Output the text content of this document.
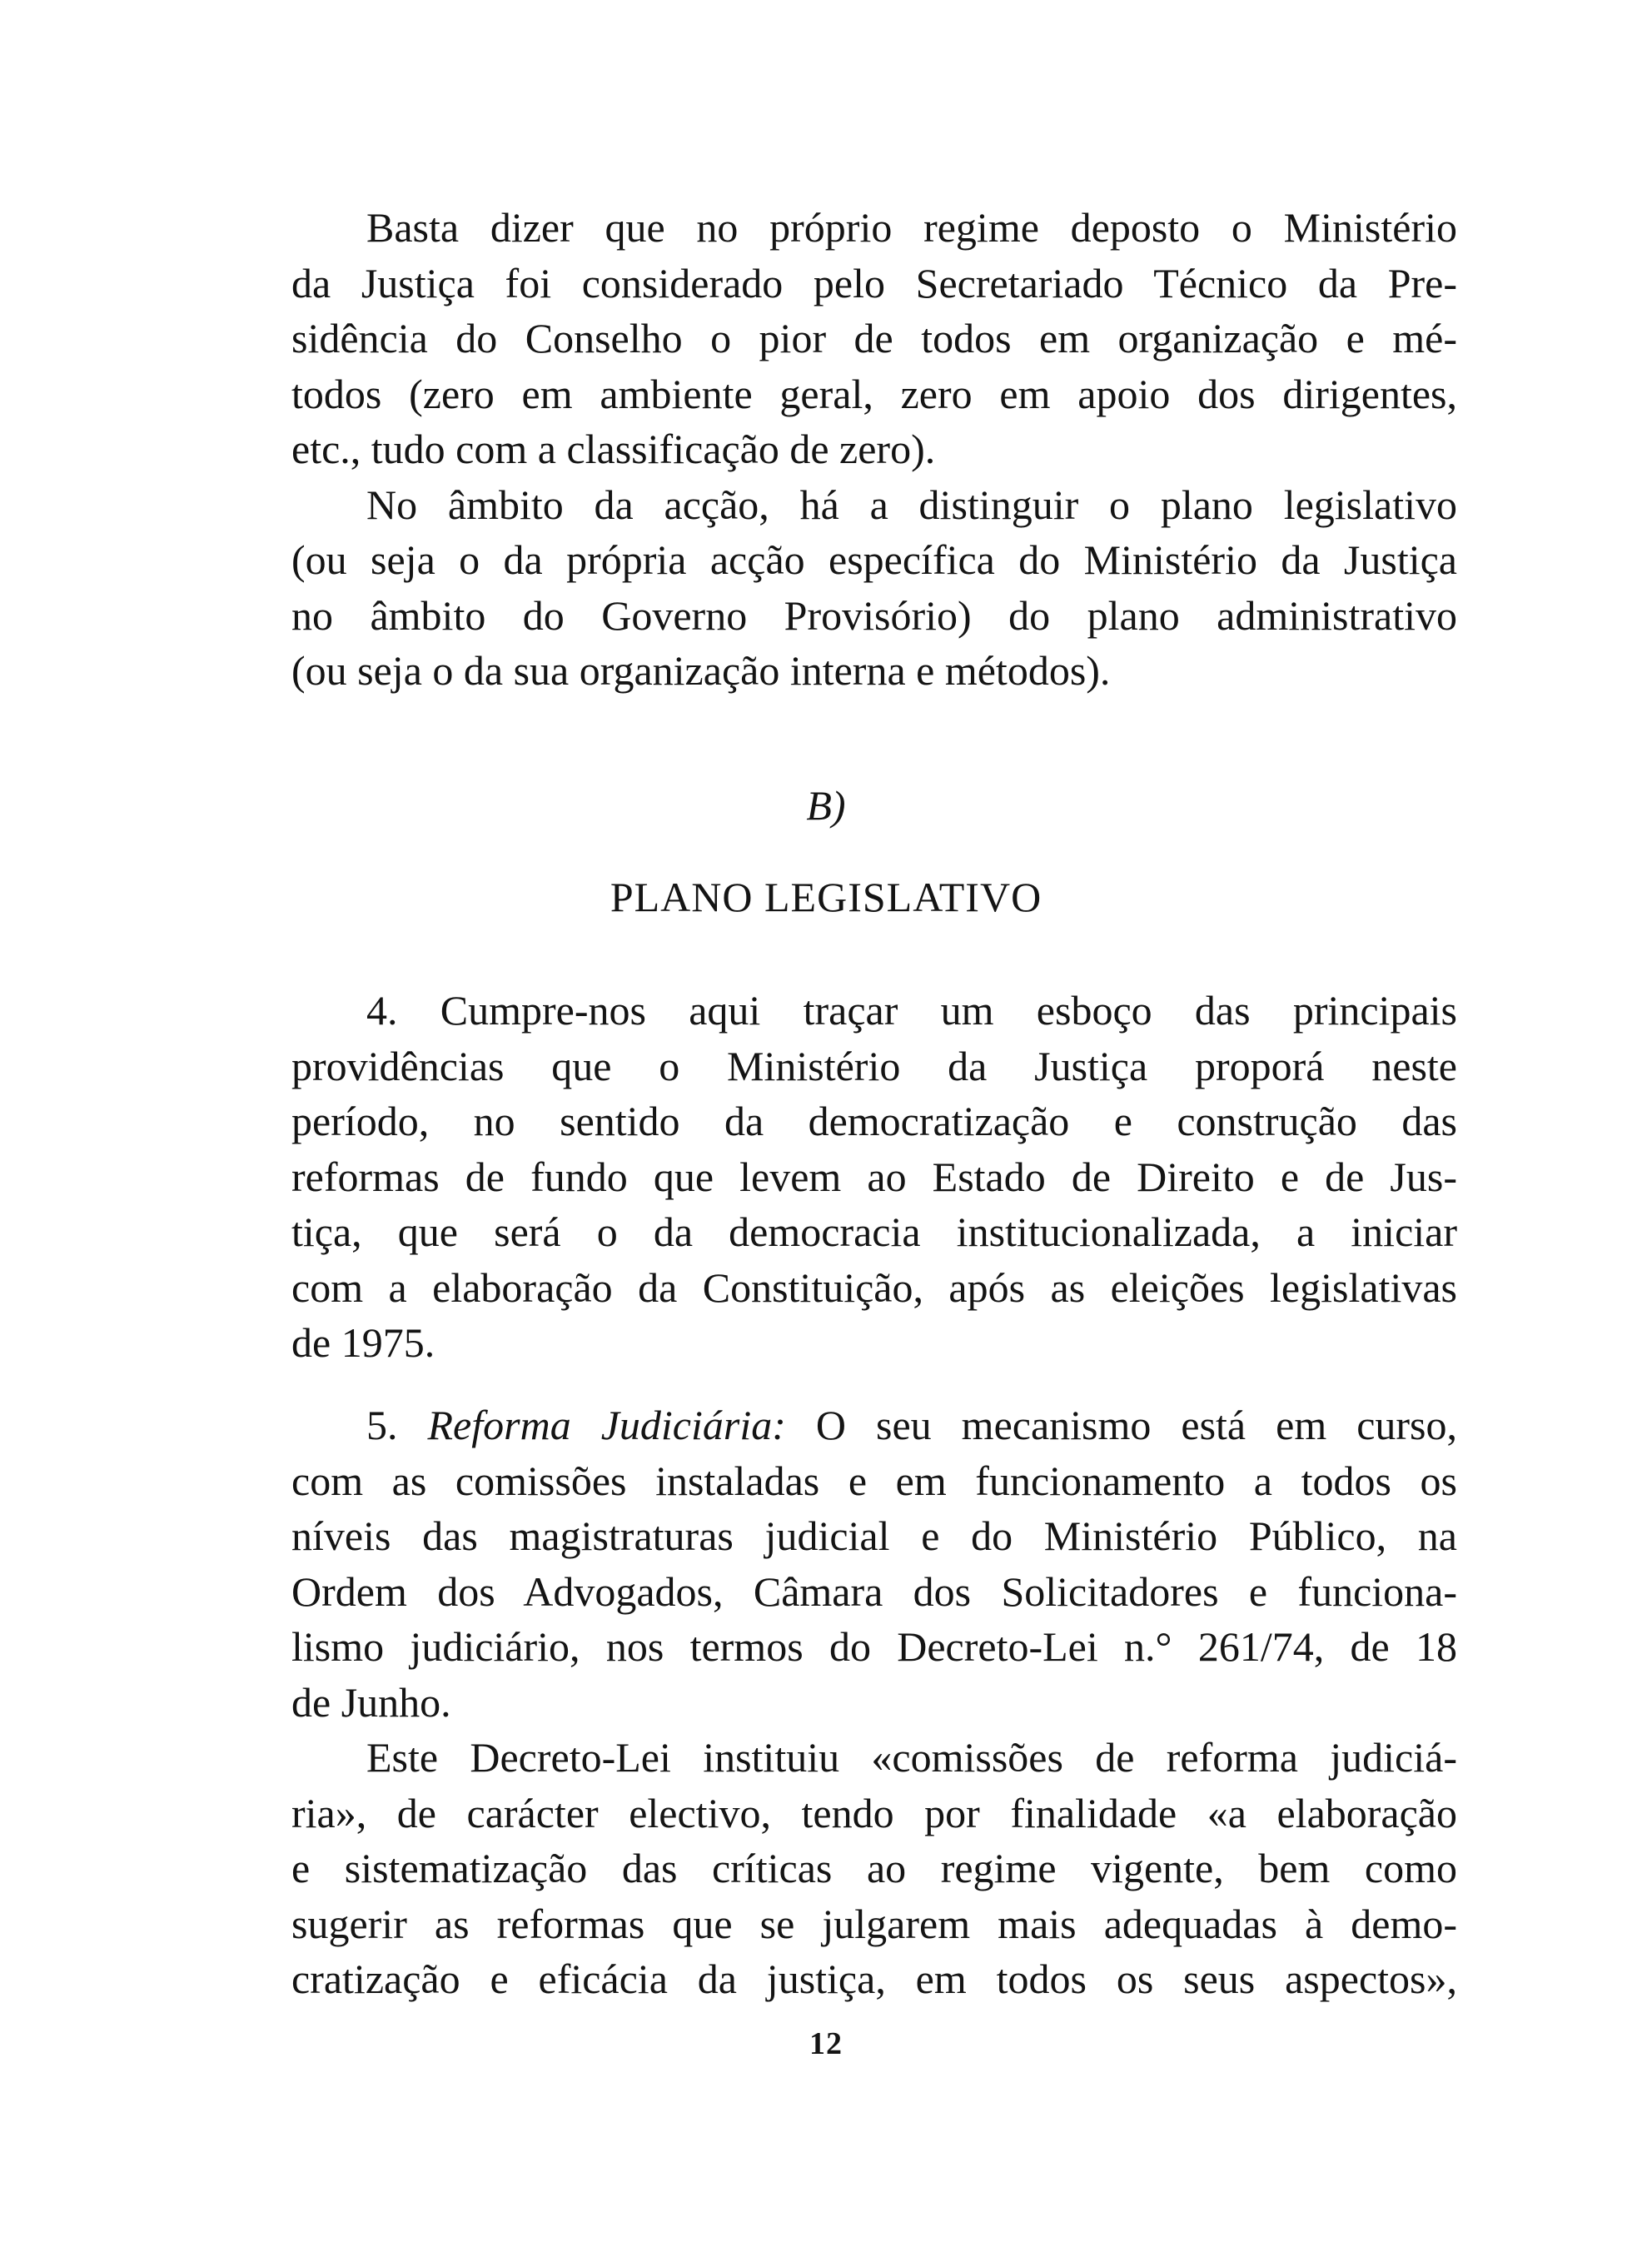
Basta dizer que no próprio regime deposto o Ministério
da Justiça foi considerado pelo Secretariado Técnico da Pre-
sidência do Conselho o pior de todos em organização e mé-
todos (zero em ambiente geral, zero em apoio dos dirigentes,
etc., tudo com a classificação de zero).
No âmbito da acção, há a distinguir o plano legislativo
(ou seja o da própria acção específica do Ministério da Justiça
no âmbito do Governo Provisório) do plano administrativo
(ou seja o da sua organização interna e métodos).
B)
PLANO LEGISLATIVO
4. Cumpre-nos aqui traçar um esboço das principais
providências que o Ministério da Justiça proporá neste
período, no sentido da democratização e construção das
reformas de fundo que levem ao Estado de Direito e de Jus-
tiça, que será o da democracia institucionalizada, a iniciar
com a elaboração da Constituição, após as eleições legislativas
de 1975.
5. Reforma Judiciária: O seu mecanismo está em curso,
com as comissões instaladas e em funcionamento a todos os
níveis das magistraturas judicial e do Ministério Público, na
Ordem dos Advogados, Câmara dos Solicitadores e funciona-
lismo judiciário, nos termos do Decreto-Lei n.° 261/74, de 18
de Junho.
Este Decreto-Lei instituiu «comissões de reforma judiciá-
ria», de carácter electivo, tendo por finalidade «a elaboração
e sistematização das críticas ao regime vigente, bem como
sugerir as reformas que se julgarem mais adequadas à demo-
cratização e eficácia da justiça, em todos os seus aspectos»,
12
